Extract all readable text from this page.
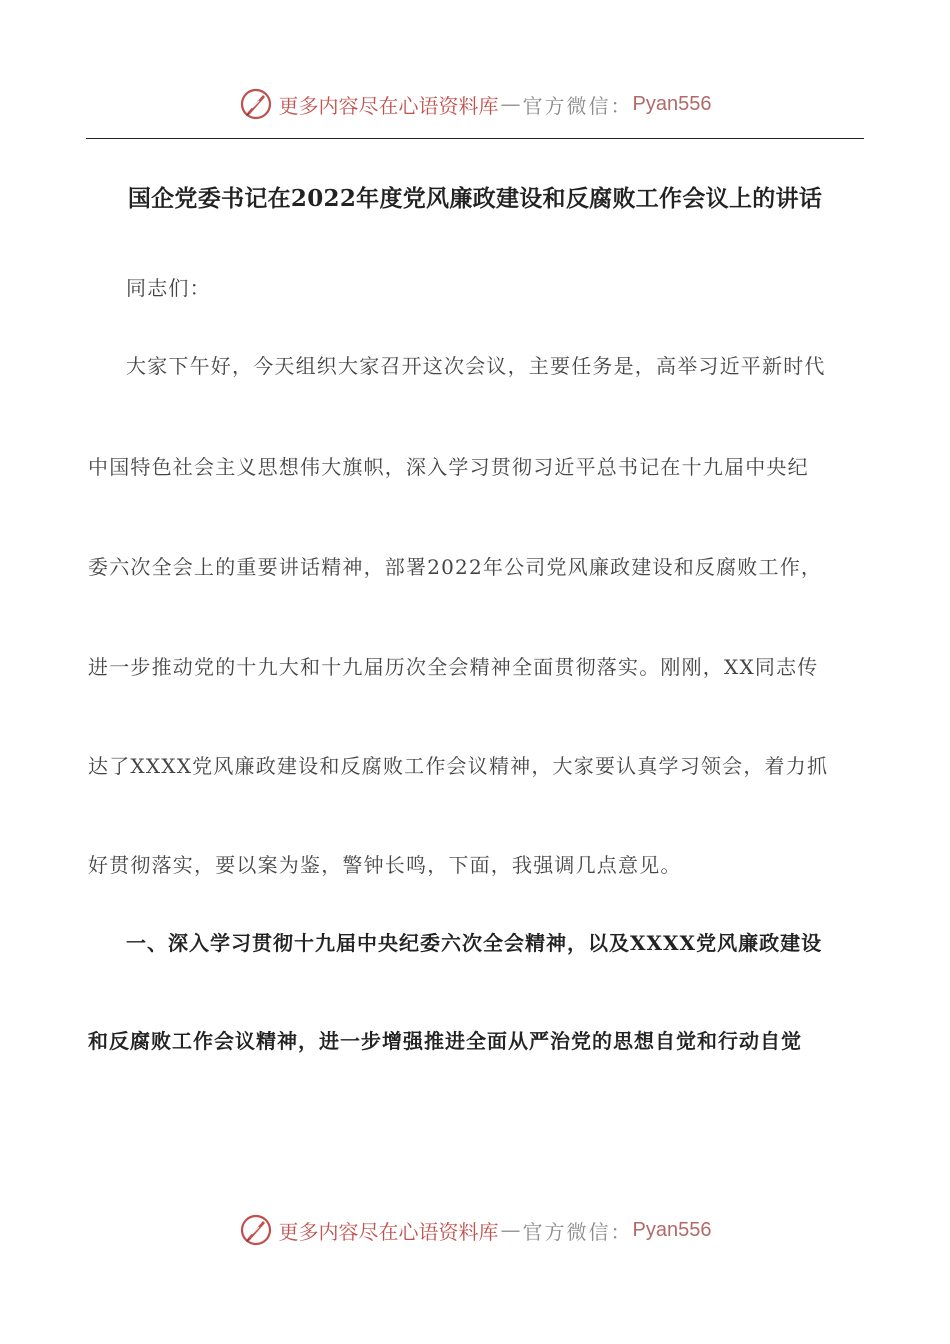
更多内容尽在心语资料库 — 官方微信： Pyan556
国企党委书记在2022年度党风廉政建设和反腐败工作会议上的讲话
同志们：
大家下午好，今天组织大家召开这次会议，主要任务是，高举习近平新时代
中国特色社会主义思想伟大旗帜，深入学习贯彻习近平总书记在十九届中央纪
委六次全会上的重要讲话精神，部署2022年公司党风廉政建设和反腐败工作，
进一步推动党的十九大和十九届历次全会精神全面贯彻落实。刚刚，XX同志传
达了XXXX党风廉政建设和反腐败工作会议精神，大家要认真学习领会，着力抓
好贯彻落实，要以案为鉴，警钟长鸣，下面，我强调几点意见。
一、深入学习贯彻十九届中央纪委六次全会精神，以及XXXX党风廉政建设
和反腐败工作会议精神，进一步增强推进全面从严治党的思想自觉和行动自觉
更多内容尽在心语资料库 — 官方微信： Pyan556
